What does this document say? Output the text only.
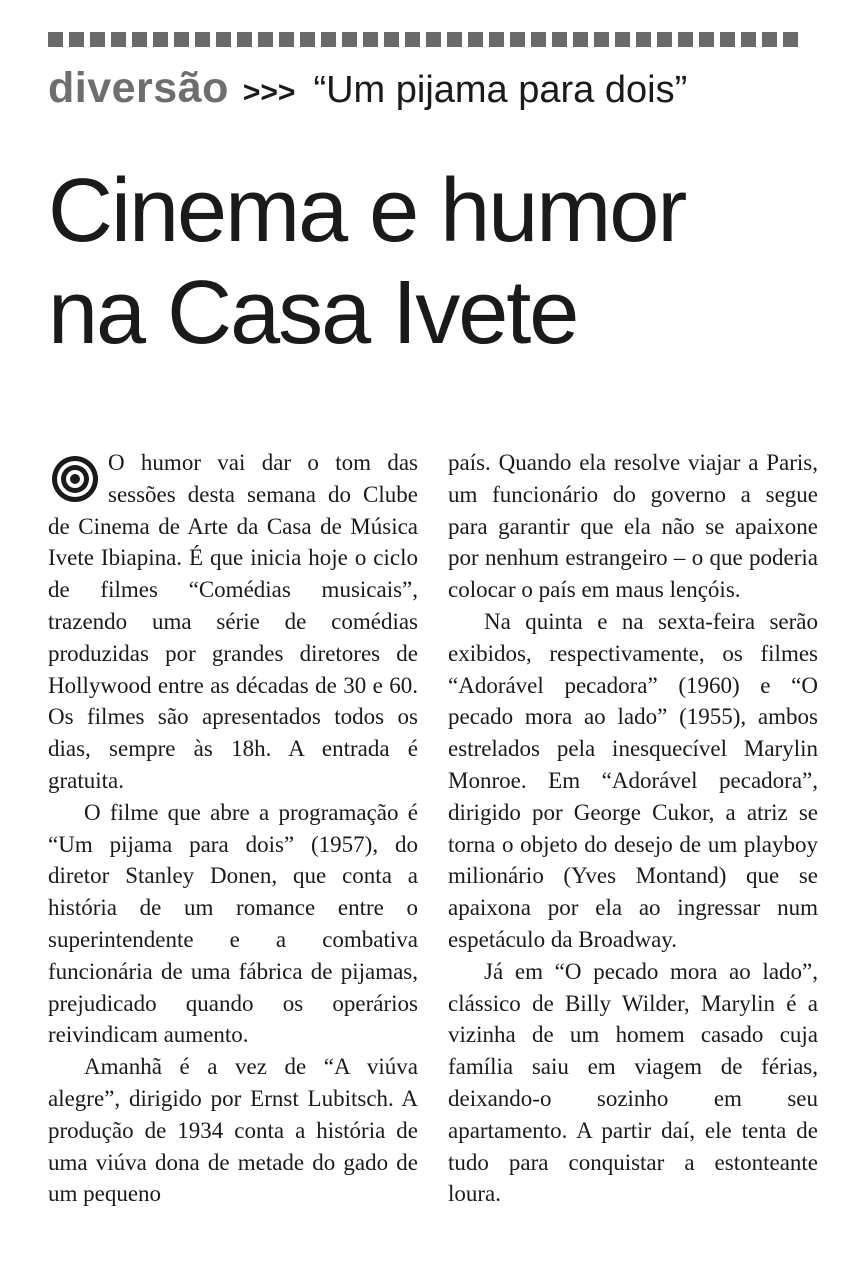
diversão >>> “Um pijama para dois”
Cinema e humor
na Casa Ivete

O humor vai dar o tom das sessões desta semana do Clube de Cinema de Arte da Casa de Música Ivete Ibiapina. É que inicia hoje o ciclo de filmes “Comédias musicais”, trazendo uma série de comédias produzidas por grandes diretores de Hollywood entre as décadas de 30 e 60. Os filmes são apresentados todos os dias, sempre às 18h. A entrada é gratuita.

O filme que abre a programação é “Um pijama para dois” (1957), do diretor Stanley Donen, que conta a história de um romance entre o superintendente e a combativa funcionária de uma fábrica de pijamas, prejudicado quando os operários reivindicam aumento.

Amanhã é a vez de “A viúva alegre”, dirigido por Ernst Lubitsch. A produção de 1934 conta a história de uma viúva dona de metade do gado de um pequeno

país. Quando ela resolve viajar a Paris, um funcionário do governo a segue para garantir que ela não se apaixone por nenhum estrangeiro – o que poderia colocar o país em maus lençóis.

Na quinta e na sexta-feira serão exibidos, respectivamente, os filmes “Adorável pecadora” (1960) e “O pecado mora ao lado” (1955), ambos estrelados pela inesquecível Marylin Monroe. Em “Adorável pecadora”, dirigido por George Cukor, a atriz se torna o objeto do desejo de um playboy milionário (Yves Montand) que se apaixona por ela ao ingressar num espetáculo da Broadway.

Já em “O pecado mora ao lado”, clássico de Billy Wilder, Marylin é a vizinha de um homem casado cuja família saiu em viagem de férias, deixando-o sozinho em seu apartamento. A partir daí, ele tenta de tudo para conquistar a estonteante loura.
